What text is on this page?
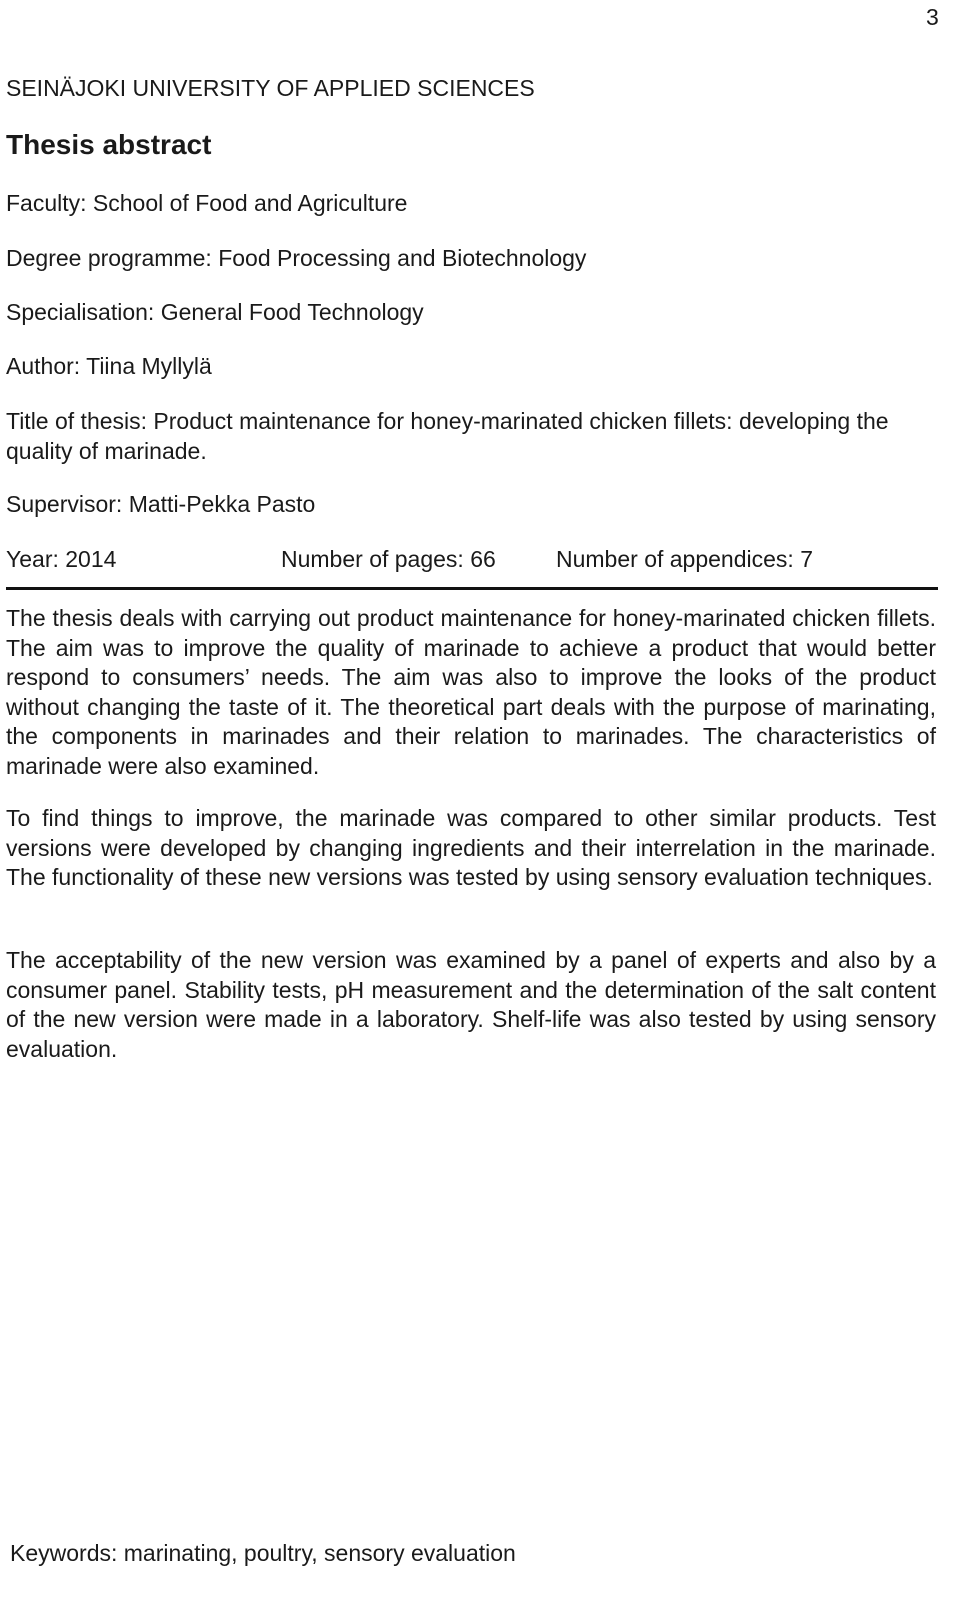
3
SEINÄJOKI UNIVERSITY OF APPLIED SCIENCES
Thesis abstract
Faculty: School of Food and Agriculture
Degree programme: Food Processing and Biotechnology
Specialisation: General Food Technology
Author: Tiina Myllylä
Title of thesis: Product maintenance for honey-marinated chicken fillets: developing the quality of marinade.
Supervisor: Matti-Pekka Pasto
Year: 2014	Number of pages: 66	Number of appendices: 7

The thesis deals with carrying out product maintenance for honey-marinated chicken fillets. The aim was to improve the quality of marinade to achieve a product that would better respond to consumers’ needs. The aim was also to improve the looks of the product without changing the taste of it. The theoretical part deals with the purpose of marinating, the components in marinades and their relation to marinades. The characteristics of marinade were also examined.

To find things to improve, the marinade was compared to other similar products. Test versions were developed by changing ingredients and their interrelation in the marinade. The functionality of these new versions was tested by using sensory evaluation techniques.

The acceptability of the new version was examined by a panel of experts and also by a consumer panel. Stability tests, pH measurement and the determination of the salt content of the new version were made in a laboratory. Shelf-life was also tested by using sensory evaluation.

Keywords: marinating, poultry, sensory evaluation
